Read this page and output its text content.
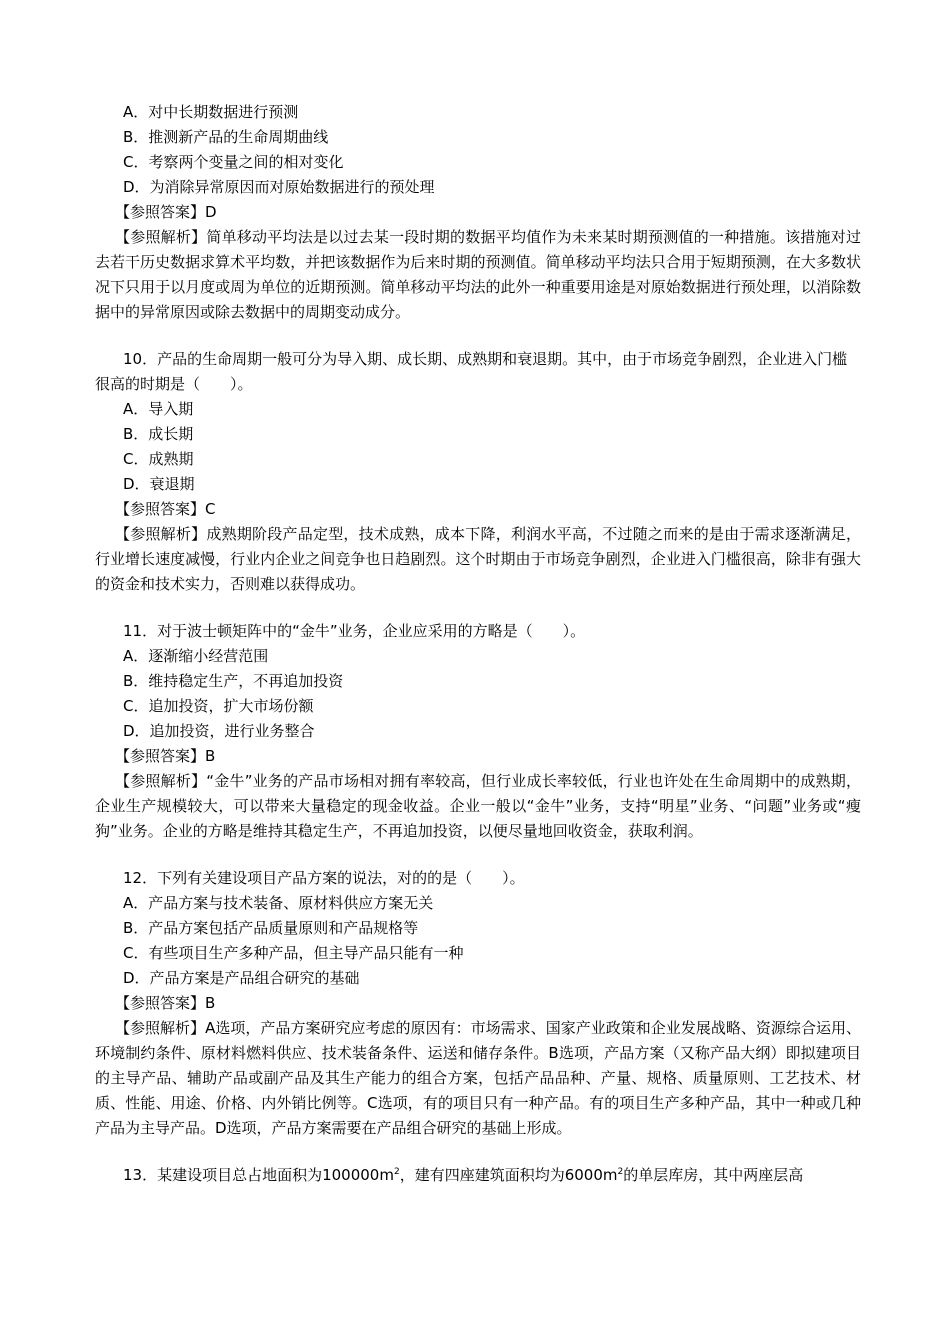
A．对中长期数据进行预测

B．推测新产品的生命周期曲线

C．考察两个变量之间的相对变化

D．为消除异常原因而对原始数据进行的预处理

【参照答案】D

【参照解析】简单移动平均法是以过去某一段时期的数据平均值作为未来某时期预测值的一种措施。该措施对过去若干历史数据求算术平均数，并把该数据作为后来时期的预测值。简单移动平均法只合用于短期预测，在大多数状况下只用于以月度或周为单位的近期预测。简单移动平均法的此外一种重要用途是对原始数据进行预处理，以消除数据中的异常原因或除去数据中的周期变动成分。

10．产品的生命周期一般可分为导入期、成长期、成熟期和衰退期。其中，由于市场竞争剧烈，企业进入门槛很高的时期是（　　）。

A．导入期

B．成长期

C．成熟期

D．衰退期

【参照答案】C

【参照解析】成熟期阶段产品定型，技术成熟，成本下降，利润水平高，不过随之而来的是由于需求逐渐满足，行业增长速度减慢，行业内企业之间竞争也日趋剧烈。这个时期由于市场竞争剧烈，企业进入门槛很高，除非有强大的资金和技术实力，否则难以获得成功。

11．对于波士顿矩阵中的“金牛”业务，企业应采用的方略是（　　）。

A．逐渐缩小经营范围

B．维持稳定生产，不再追加投资

C．追加投资，扩大市场份额

D．追加投资，进行业务整合

【参照答案】B

【参照解析】“金牛”业务的产品市场相对拥有率较高，但行业成长率较低，行业也许处在生命周期中的成熟期，企业生产规模较大，可以带来大量稳定的现金收益。企业一般以“金牛”业务，支持“明星”业务、“问题”业务或“瘦狗”业务。企业的方略是维持其稳定生产，不再追加投资，以便尽量地回收资金，获取利润。

12．下列有关建设项目产品方案的说法，对的的是（　　）。

A．产品方案与技术装备、原材料供应方案无关

B．产品方案包括产品质量原则和产品规格等

C．有些项目生产多种产品，但主导产品只能有一种

D．产品方案是产品组合研究的基础

【参照答案】B

【参照解析】A选项，产品方案研究应考虑的原因有：市场需求、国家产业政策和企业发展战略、资源综合运用、环境制约条件、原材料燃料供应、技术装备条件、运送和储存条件。B选项，产品方案（又称产品大纲）即拟建项目的主导产品、辅助产品或副产品及其生产能力的组合方案，包括产品品种、产量、规格、质量原则、工艺技术、材质、性能、用途、价格、内外销比例等。C选项，有的项目只有一种产品。有的项目生产多种产品，其中一种或几种产品为主导产品。D选项，产品方案需要在产品组合研究的基础上形成。

13．某建设项目总占地面积为$100000m^2$，建有四座建筑面积均为$6000m^2$的单层库房，其中两座层高
